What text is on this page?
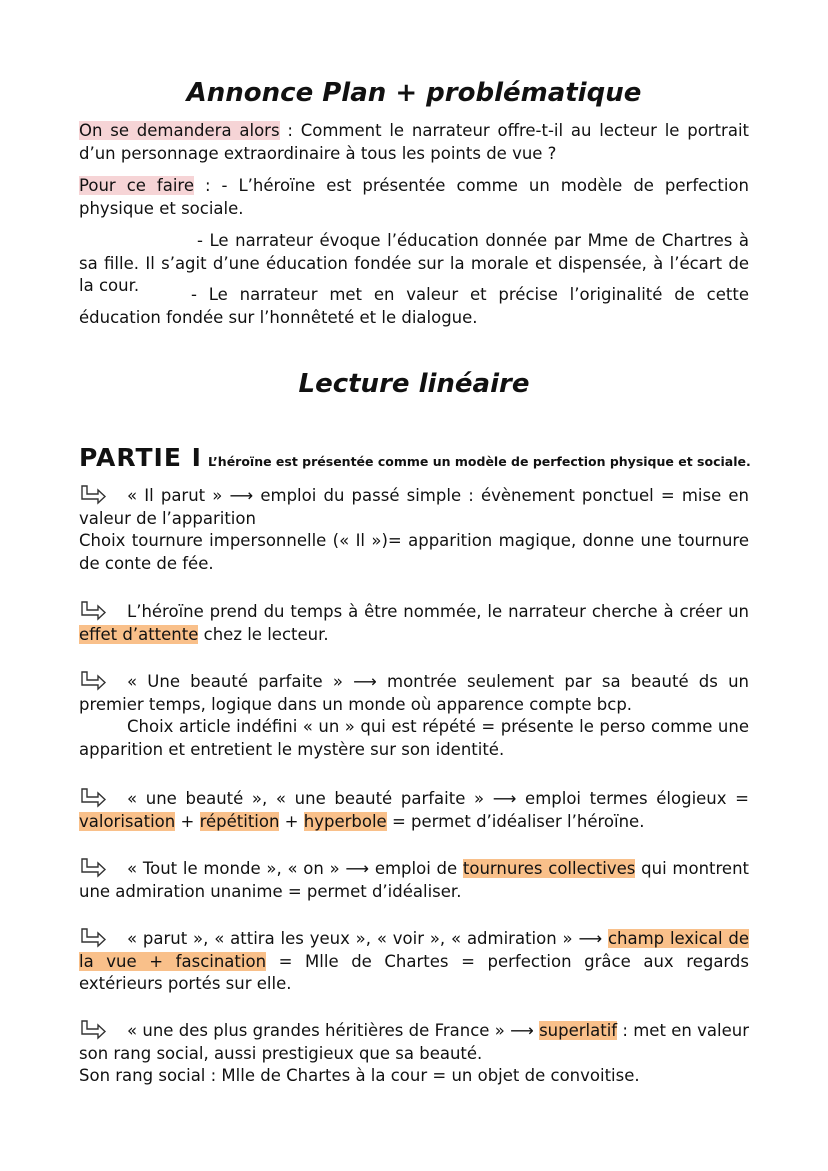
Annonce Plan + problématique
On se demandera alors : Comment le narrateur offre-t-il au lecteur le portrait d’un personnage extraordinaire à tous les points de vue ?
Pour ce faire : - L’héroïne est présentée comme un modèle de perfection physique et sociale.
- Le narrateur évoque l’éducation donnée par Mme de Chartres à sa fille. Il s’agit d’une éducation fondée sur la morale et dispensée, à l’écart de la cour.	- Le narrateur met en valeur et précise l’originalité de cette éducation fondée sur l’honnêteté et le dialogue.
Lecture linéaire
PARTIE I L’héroïne est présentée comme un modèle de perfection physique et sociale.
« Il parut » ⟶ emploi du passé simple : évènement ponctuel = mise en valeur de l’apparition
Choix tournure impersonnelle (« Il »)= apparition magique, donne une tournure de conte de fée.
L’héroïne prend du temps à être nommée, le narrateur cherche à créer un effet d’attente chez le lecteur.
« Une beauté parfaite » ⟶ montrée seulement par sa beauté ds un premier temps, logique dans un monde où apparence compte bcp.
Choix article indéfini « un » qui est répété = présente le perso comme une apparition et entretient le mystère sur son identité.
« une beauté », « une beauté parfaite » ⟶ emploi termes élogieux = valorisation + répétition + hyperbole = permet d’idéaliser l’héroïne.
« Tout le monde », « on » ⟶ emploi de tournures collectives qui montrent une admiration unanime = permet d’idéaliser.
« parut », « attira les yeux », « voir », « admiration » ⟶ champ lexical de la vue + fascination = Mlle de Chartes = perfection grâce aux regards extérieurs portés sur elle.
« une des plus grandes héritières de France » ⟶ superlatif : met en valeur son rang social, aussi prestigieux que sa beauté.
Son rang social : Mlle de Chartes à la cour = un objet de convoitise.
